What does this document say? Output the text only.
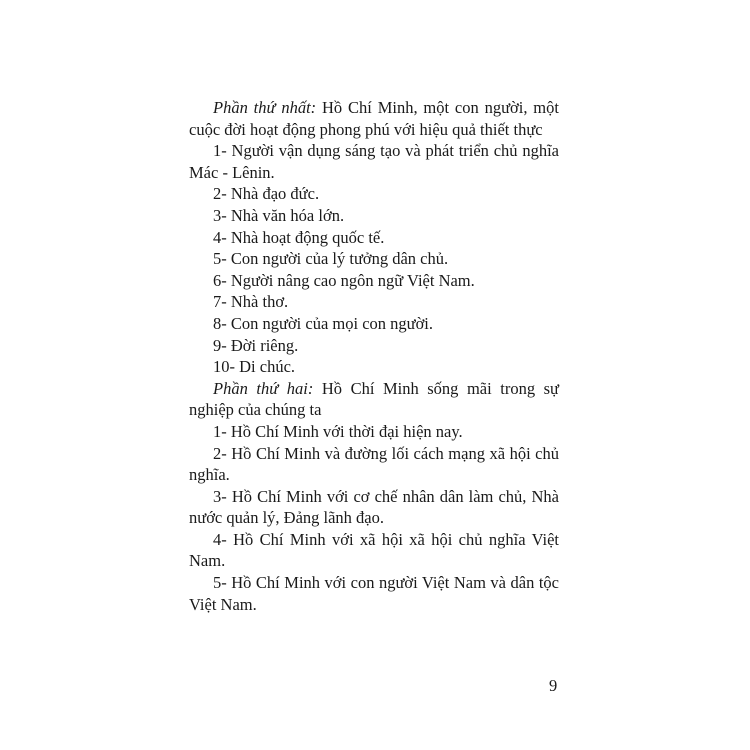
Phần thứ nhất: Hồ Chí Minh, một con người, một cuộc đời hoạt động phong phú với hiệu quả thiết thực

1- Người vận dụng sáng tạo và phát triển chủ nghĩa Mác - Lênin.

2- Nhà đạo đức.

3- Nhà văn hóa lớn.

4- Nhà hoạt động quốc tế.

5- Con người của lý tưởng dân chủ.

6- Người nâng cao ngôn ngữ Việt Nam.

7- Nhà thơ.

8- Con người của mọi con người.

9- Đời riêng.

10- Di chúc.

Phần thứ hai: Hồ Chí Minh sống mãi trong sự nghiệp của chúng ta

1- Hồ Chí Minh với thời đại hiện nay.

2- Hồ Chí Minh và đường lối cách mạng xã hội chủ nghĩa.

3- Hồ Chí Minh với cơ chế nhân dân làm chủ, Nhà nước quản lý, Đảng lãnh đạo.

4- Hồ Chí Minh với xã hội xã hội chủ nghĩa Việt Nam.

5- Hồ Chí Minh với con người Việt Nam và dân tộc Việt Nam.

9
